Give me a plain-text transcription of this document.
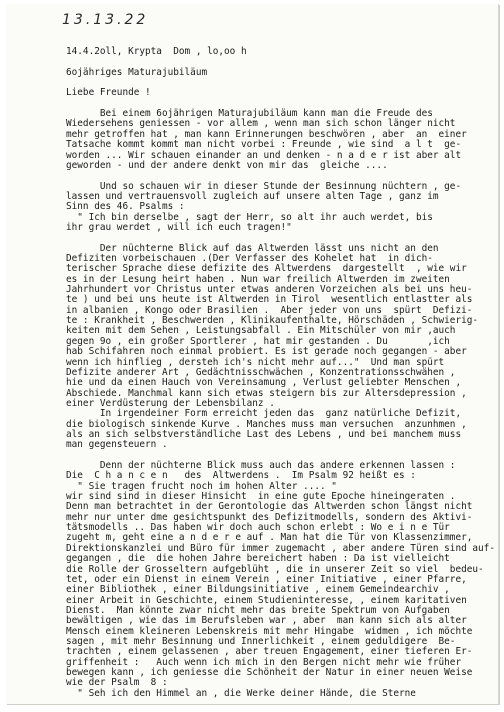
13.13.22
14.4.2oll, Krypta  Dom , lo,oo h
6ojähriges Maturajubiläum
Liebe Freunde !
Bei einem 6ojährigen Maturajubiläum kann man die Freude des
Wiedersehens geniessen - vor allem , wenn man sich schon länger nicht
mehr getroffen hat , man kann Erinnerungen beschwören , aber  an  einer
Tatsache kommt kommt man nicht vorbei : Freunde , wie sind  a l t  ge-
worden ... Wir schauen einander an und denken - n a d e r ist aber alt
geworden - und der andere denkt von mir das  gleiche ....
Und so schauen wir in dieser Stunde der Besinnung nüchtern , ge-
lassen und vertrauensvoll zugleich auf unsere alten Tage , ganz im
Sinn des 46. Psalms :
" Ich bin derselbe , sagt der Herr, so alt ihr auch werdet, bis
ihr grau werdet , will ich euch tragen!"
Der nüchterne Blick auf das Altwerden lässt uns nicht an den
Defiziten vorbeischauen .(Der Verfasser des Kohelet hat  in dich-
terischer Sprache diese defizite des Altwerdens  dargestellt  , wie wir
es in der Lesung heirt haben . Nun war freilich Altwerden im zweiten
Jahrhundert vor Christus unter etwas anderen Vorzeichen als bei uns heu-
te ) und bei uns heute ist Altwerden in Tirol  wesentlich entlastter als
in albanien , Kongo oder Brasilien .  Aber jeder von uns  spürt  Defizi-
te : Krankheit , Beschwerden , Klinikaufenthalte, Hörschäden , Schwierig-
keiten mit dem Sehen , Leistungsabfall . Ein Mitschüler von mir ,auch
gegen 9o , ein großer Sportlerer , hat mir gestanden . Du       ,ich
hab Schifahren noch einmal probiert. Es ist gerade noch gegangen - aber
wenn ich hinflieg , dersteh ich's nicht mehr auf..."  Und man spürt
Defizite anderer Art , Gedächtnisschwächen , Konzentrationsschwähen ,
hie und da einen Hauch von Vereinsamung , Verlust geliebter Menschen ,
Abschiede. Manchmal kann sich etwas steigern bis zur Altersdepression ,
einer Verdüsterung der Lebensbilanz .
In irgendeiner Form erreicht jeden das  ganz natürliche Defizit,
die biologisch sinkende Kurve . Manches muss man versuchen  anzunhmen ,
als an sich selbstverständliche Last des Lebens , und bei manchem muss
man gegensteuern .
Denn der nüchterne Blick muss auch das andere erkennen lassen :
Die  C h a n c e n   des  Altwerdens .  Im Psalm 92 heißt es :
" Sie tragen frucht noch im hohen Alter .... "
wir sind sind in dieser Hinsicht  in eine gute Epoche hineingeraten .
Denn man betrachtet in der Gerontologie das Altwerden schon längst nicht
mehr nur unter dme gesichtspunkt des Defizitmodells, sondern des Aktivi-
tätsmodells .. Das haben wir doch auch schon erlebt : Wo e i n e Tür
zugeht m, geht eine a n d e r e auf . Man hat die Tür von Klassenzimmer,
Direktionskanzlei und Büro für immer zugemacht , aber andere Türen sind auf-
gegangen , die  die hohen Jahre bereichert haben : Da ist vielleicht
die Rolle der Grosseltern aufgeblüht , die in unserer Zeit so viel  bedeu-
tet, oder ein Dienst in einem Verein , einer Initiative , einer Pfarre,
einer Bibliothek , einer Bildungsinitiative , einem Gemeindearchiv ,
einer Arbeit in Geschichte, einem Studieninteresse, , einem karitativen
Dienst.  Man könnte zwar nicht mehr das breite Spektrum von Aufgaben
bewältigen , wie das im Berufsleben war , aber  man kann sich als alter
Mensch einem kleineren Lebenskreis mit mehr Hingabe  widmen , ich möchte
sagen , mit mehr Besinnung und Innerlichkeit , einem geduldigere  Be-
trachten , einem gelassenen , aber treuen Engagement, einer tieferen Er-
griffenheit :   Auch wenn ich mich in den Bergen nicht mehr wie früher
bewegen kann , ich geniesse die Schönheit der Natur in einer neuen Weise
wie der Psalm  8 :
" Seh ich den Himmel an , die Werke deiner Hände, die Sterne
